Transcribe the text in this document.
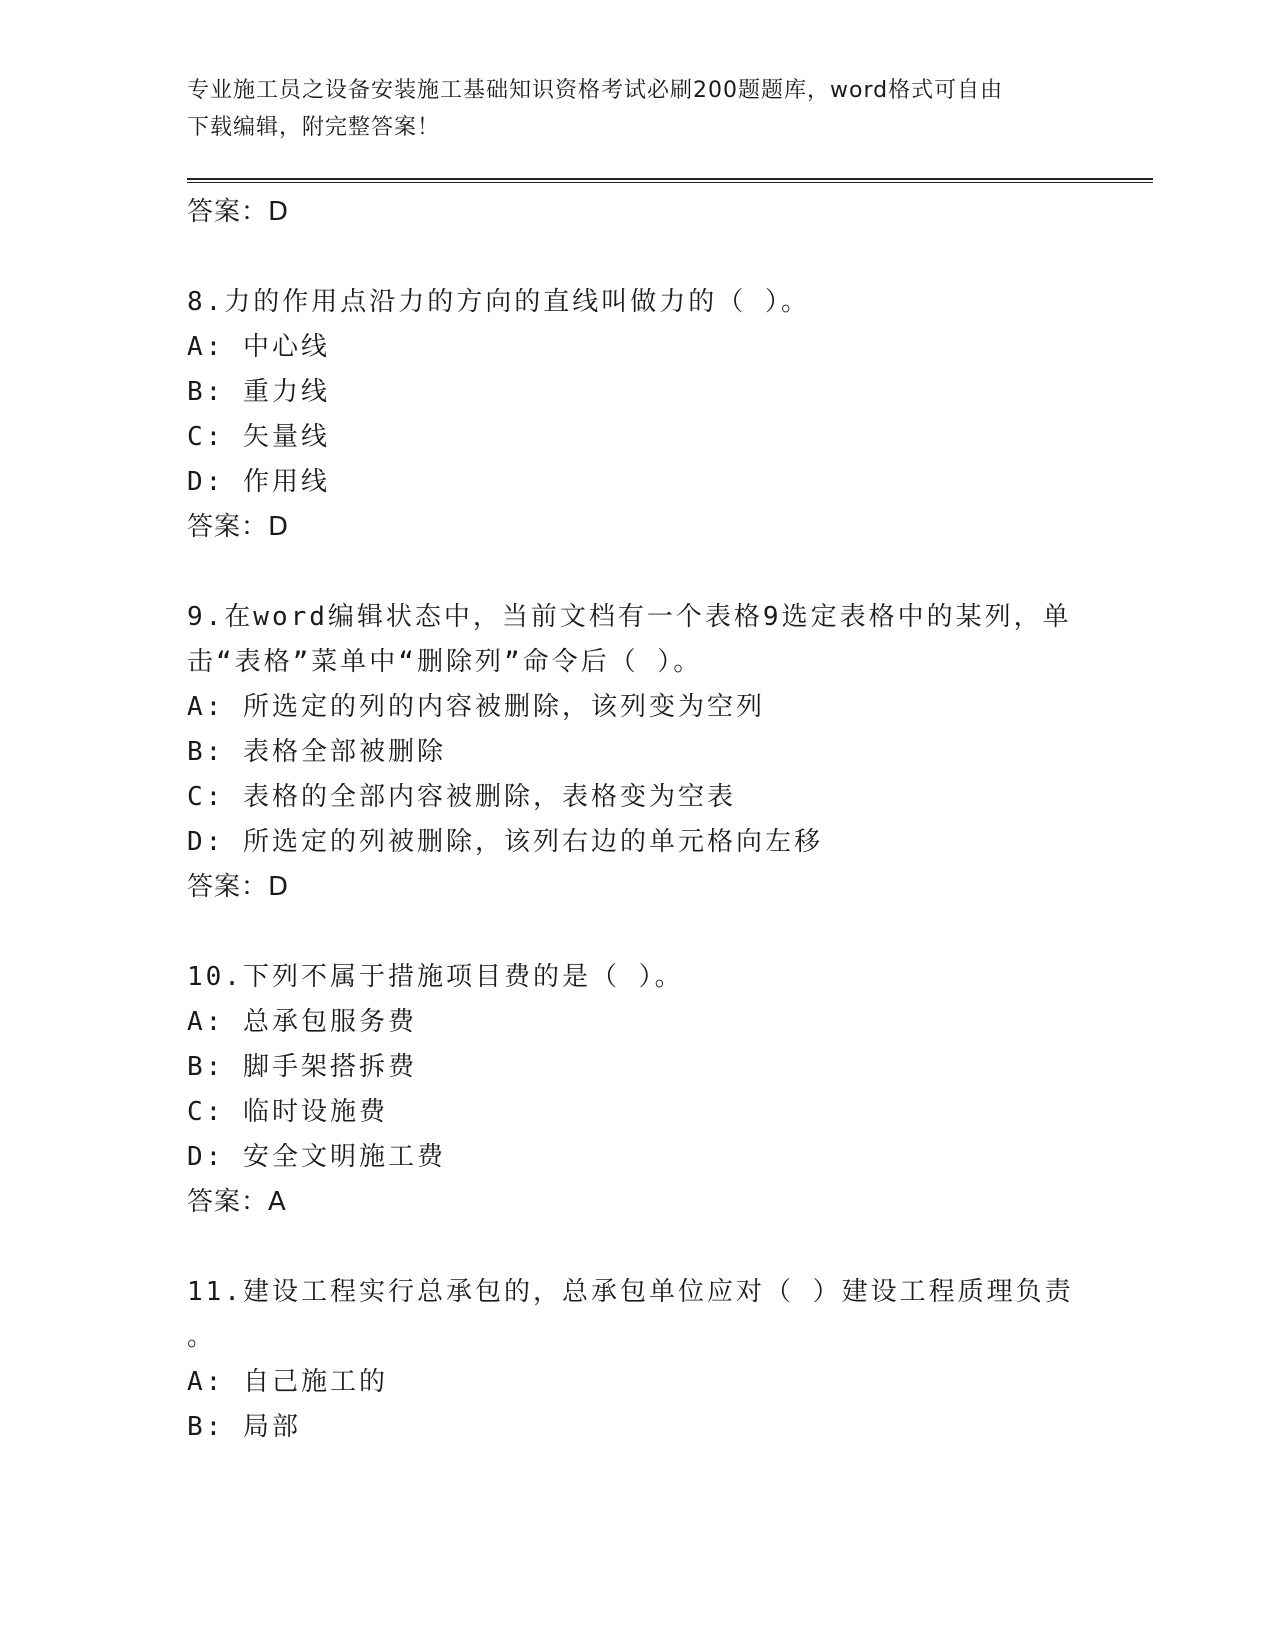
专业施工员之设备安装施工基础知识资格考试必刷200题题库，word格式可自由
下载编辑，附完整答案！
答案：D
8.力的作用点沿力的方向的直线叫做力的（ ）。
A: 中心线
B: 重力线
C: 矢量线
D: 作用线
答案：D
9.在word编辑状态中，当前文档有一个表格9选定表格中的某列，单
击“表格”菜单中“删除列”命令后（ ）。
A: 所选定的列的内容被删除，该列变为空列
B: 表格全部被删除
C: 表格的全部内容被删除，表格变为空表
D: 所选定的列被删除，该列右边的单元格向左移
答案：D
10.下列不属于措施项目费的是（ ）。
A: 总承包服务费
B: 脚手架搭拆费
C: 临时设施费
D: 安全文明施工费
答案：A
11.建设工程实行总承包的，总承包单位应对（ ）建设工程质理负责
。
A: 自己施工的
B: 局部
